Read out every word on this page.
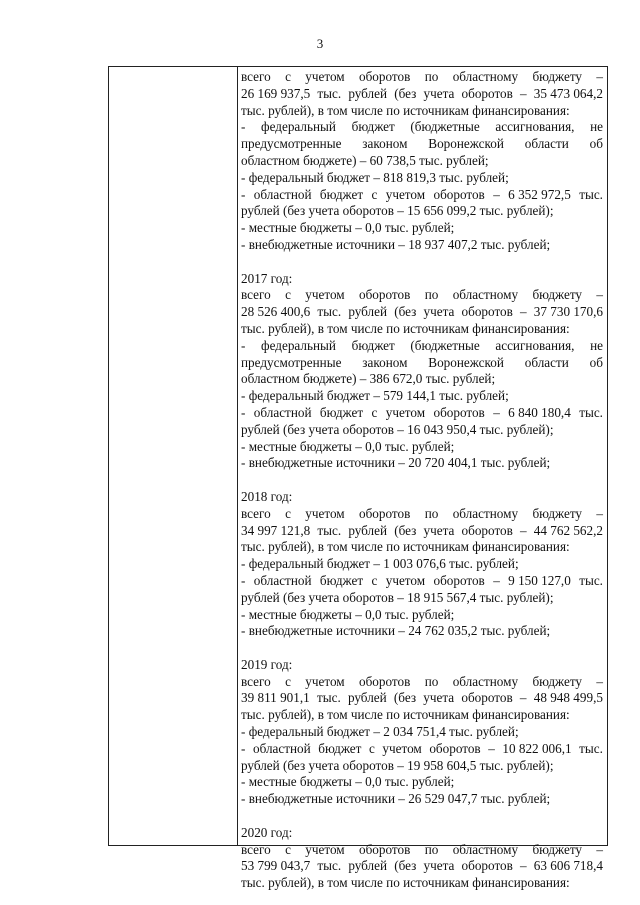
3
всего с учетом оборотов по областному бюджету –
26 169 937,5 тыс. рублей (без учета оборотов – 35 473 064,2
тыс. рублей), в том числе по источникам финансирования:
- федеральный бюджет (бюджетные ассигнования, не
предусмотренные законом Воронежской области об
областном бюджете) – 60 738,5 тыс. рублей;
- федеральный бюджет – 818 819,3 тыс. рублей;
- областной бюджет с учетом оборотов – 6 352 972,5 тыс.
рублей (без учета оборотов – 15 656 099,2 тыс. рублей);
- местные бюджеты – 0,0 тыс. рублей;
- внебюджетные источники – 18 937 407,2 тыс. рублей;
2017 год:
всего с учетом оборотов по областному бюджету –
28 526 400,6 тыс. рублей (без учета оборотов – 37 730 170,6
тыс. рублей), в том числе по источникам финансирования:
- федеральный бюджет (бюджетные ассигнования, не
предусмотренные законом Воронежской области об
областном бюджете) – 386 672,0 тыс. рублей;
- федеральный бюджет – 579 144,1 тыс. рублей;
- областной бюджет с учетом оборотов – 6 840 180,4 тыс.
рублей (без учета оборотов – 16 043 950,4 тыс. рублей);
- местные бюджеты – 0,0 тыс. рублей;
- внебюджетные источники – 20 720 404,1 тыс. рублей;
2018 год:
всего с учетом оборотов по областному бюджету –
34 997 121,8 тыс. рублей (без учета оборотов – 44 762 562,2
тыс. рублей), в том числе по источникам финансирования:
- федеральный бюджет – 1 003 076,6 тыс. рублей;
- областной бюджет с учетом оборотов – 9 150 127,0 тыс.
рублей (без учета оборотов – 18 915 567,4 тыс. рублей);
- местные бюджеты – 0,0 тыс. рублей;
- внебюджетные источники – 24 762 035,2 тыс. рублей;
2019 год:
всего с учетом оборотов по областному бюджету –
39 811 901,1 тыс. рублей (без учета оборотов – 48 948 499,5
тыс. рублей), в том числе по источникам финансирования:
- федеральный бюджет – 2 034 751,4 тыс. рублей;
- областной бюджет с учетом оборотов – 10 822 006,1 тыс.
рублей (без учета оборотов – 19 958 604,5 тыс. рублей);
- местные бюджеты – 0,0 тыс. рублей;
- внебюджетные источники – 26 529 047,7 тыс. рублей;
2020 год:
всего с учетом оборотов по областному бюджету –
53 799 043,7 тыс. рублей (без учета оборотов – 63 606 718,4
тыс. рублей), в том числе по источникам финансирования:
